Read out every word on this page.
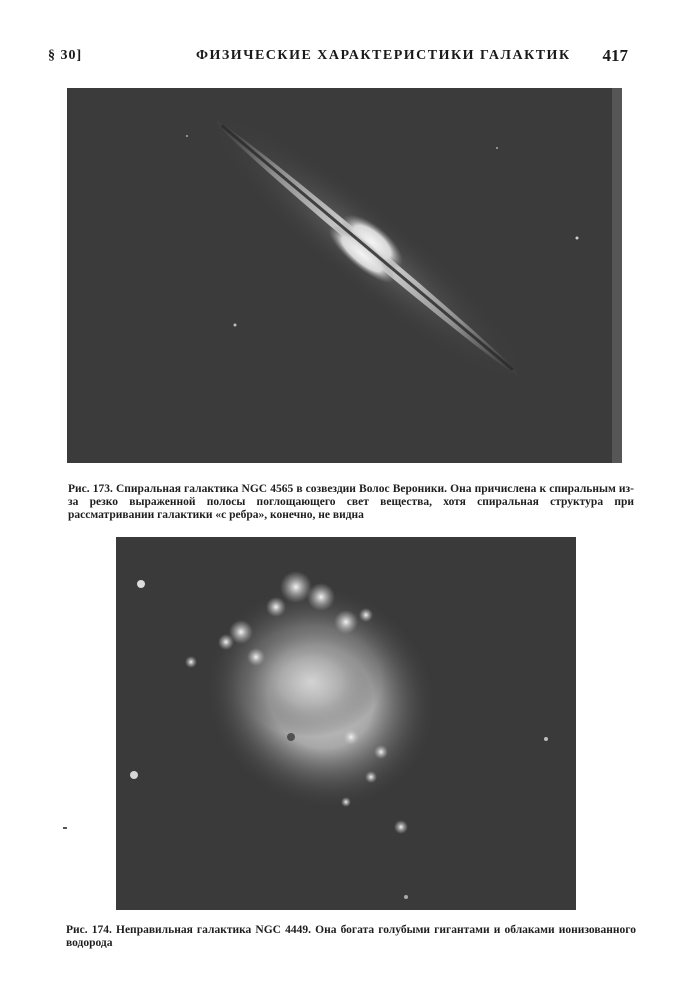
§ 30]	ФИЗИЧЕСКИЕ ХАРАКТЕРИСТИКИ ГАЛАКТИК 417
Рис. 173. Спиральная галактика NGC 4565 в созвездии Волос Вероники. Она причислена к спиральным из-за резко выраженной полосы поглощающего свет вещества, хотя спиральная структура при рассматривании галактики «с ребра», конечно, не видна
Рис. 174. Неправильная галактика NGC 4449. Она богата голубыми гигантами и облаками ионизованного водорода
